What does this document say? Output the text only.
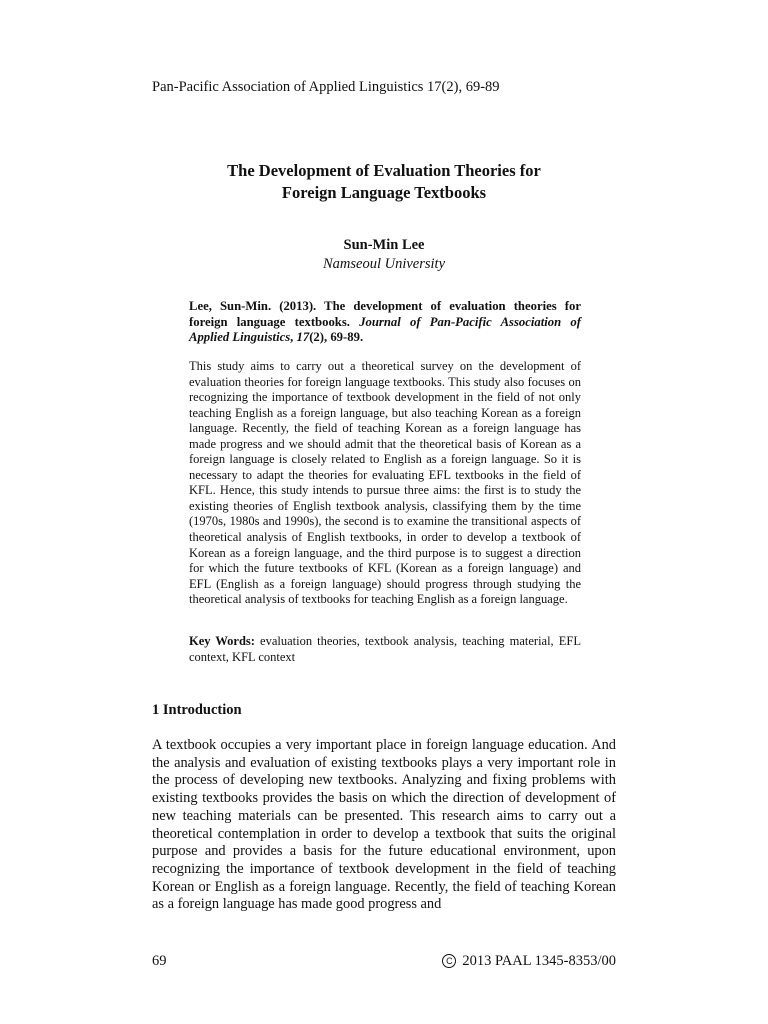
Pan-Pacific Association of Applied Linguistics 17(2), 69-89
The Development of Evaluation Theories for
Foreign Language Textbooks
Sun-Min Lee
Namseoul University
Lee, Sun-Min. (2013). The development of evaluation theories for foreign language textbooks. Journal of Pan-Pacific Association of Applied Linguistics, 17(2), 69-89.

This study aims to carry out a theoretical survey on the development of evaluation theories for foreign language textbooks. This study also focuses on recognizing the importance of textbook development in the field of not only teaching English as a foreign language, but also teaching Korean as a foreign language. Recently, the field of teaching Korean as a foreign language has made progress and we should admit that the theoretical basis of Korean as a foreign language is closely related to English as a foreign language. So it is necessary to adapt the theories for evaluating EFL textbooks in the field of KFL. Hence, this study intends to pursue three aims: the first is to study the existing theories of English textbook analysis, classifying them by the time (1970s, 1980s and 1990s), the second is to examine the transitional aspects of theoretical analysis of English textbooks, in order to develop a textbook of Korean as a foreign language, and the third purpose is to suggest a direction for which the future textbooks of KFL (Korean as a foreign language) and EFL (English as a foreign language) should progress through studying the theoretical analysis of textbooks for teaching English as a foreign language.

Key Words: evaluation theories, textbook analysis, teaching material, EFL context, KFL context
1 Introduction

A textbook occupies a very important place in foreign language education. And the analysis and evaluation of existing textbooks plays a very important role in the process of developing new textbooks. Analyzing and fixing problems with existing textbooks provides the basis on which the direction of development of new teaching materials can be presented. This research aims to carry out a theoretical contemplation in order to develop a textbook that suits the original purpose and provides a basis for the future educational environment, upon recognizing the importance of textbook development in the field of teaching Korean or English as a foreign language. Recently, the field of teaching Korean as a foreign language has made good progress and

69	C 2013 PAAL 1345-8353/00
